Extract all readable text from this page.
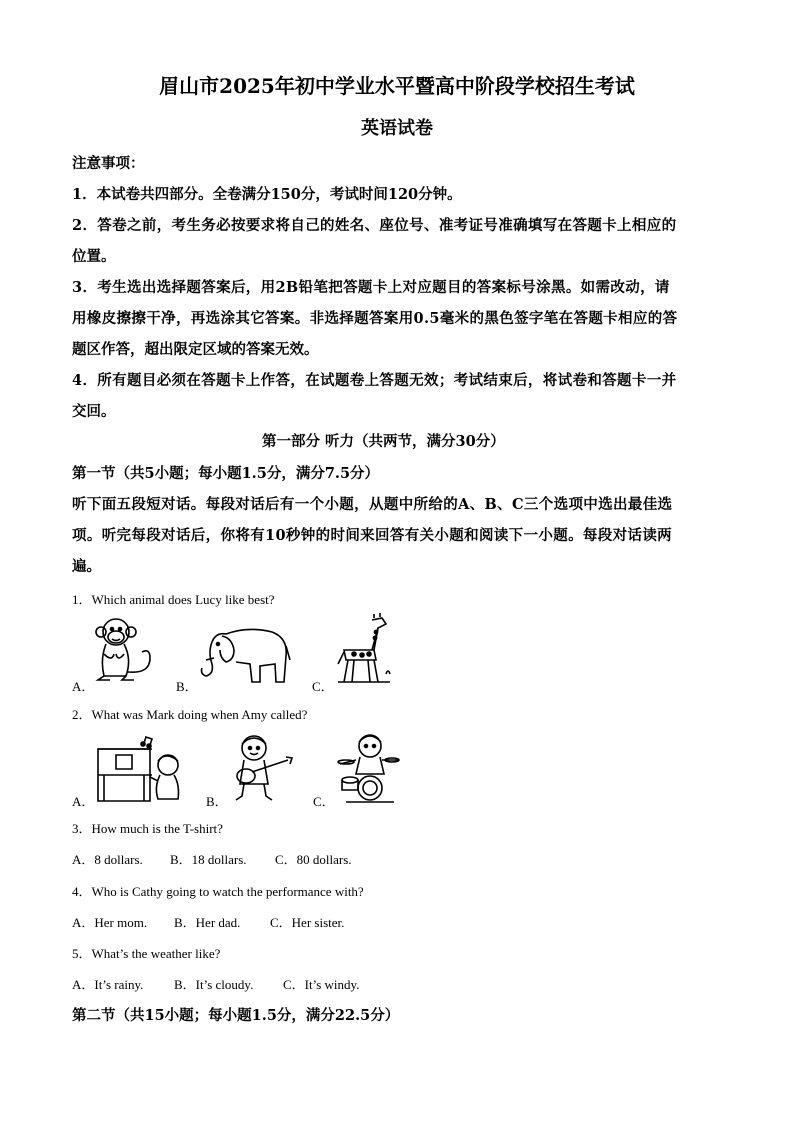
眉山市2025年初中学业水平暨高中阶段学校招生考试
英语试卷
注意事项：
1．本试卷共四部分。全卷满分150分，考试时间120分钟。
2．答卷之前，考生务必按要求将自己的姓名、座位号、准考证号准确填写在答题卡上相应的
位置。
3．考生选出选择题答案后，用2B铅笔把答题卡上对应题目的答案标号涂黑。如需改动，请
用橡皮擦擦干净，再选涂其它答案。非选择题答案用0.5毫米的黑色签字笔在答题卡相应的答
题区作答，超出限定区域的答案无效。
4．所有题目必须在答题卡上作答，在试题卷上答题无效；考试结束后，将试卷和答题卡一并
交回。
第一部分 听力（共两节，满分30分）
第一节（共5小题；每小题1.5分，满分7.5分）
听下面五段短对话。每段对话后有一个小题，从题中所给的A、B、C三个选项中选出最佳选
项。听完每段对话后，你将有10秒钟的时间来回答有关小题和阅读下一小题。每段对话读两
遍。
1．Which animal does Lucy like best?
A．	B．	C．
2．What was Mark doing when Amy called?
A．	B．	C．
3．How much is the T-shirt?
A．8 dollars. B．18 dollars. C．80 dollars.
4．Who is Cathy going to watch the performance with?
A．Her mom. B．Her dad. C．Her sister.
5．What’s the weather like?
A．It’s rainy. B．It’s cloudy. C．It’s windy.
第二节（共15小题；每小题1.5分，满分22.5分）
